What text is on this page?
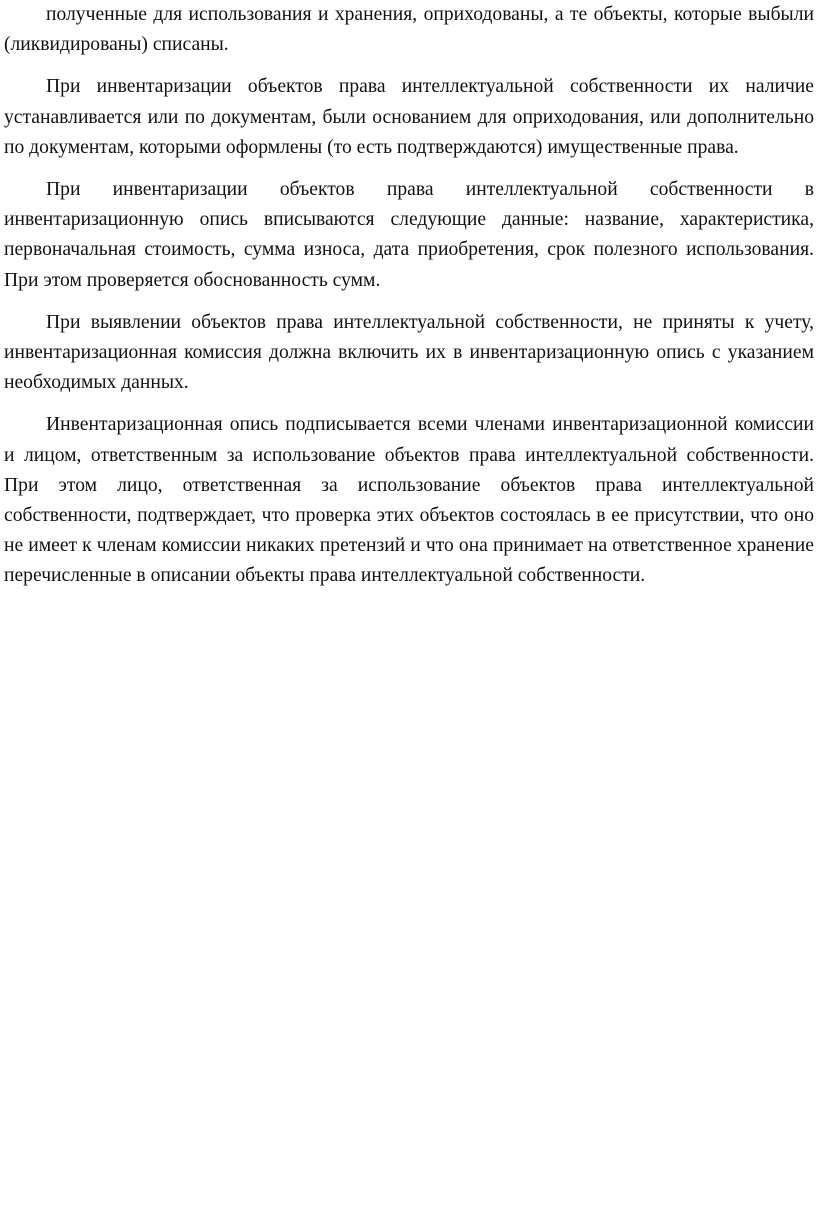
полученные для использования и хранения, оприходованы, а те объекты, которые выбыли (ликвидированы) списаны.

При инвентаризации объектов права интеллектуальной собственности их наличие устанавливается или по документам, были основанием для оприходования, или дополнительно по документам, которыми оформлены (то есть подтверждаются) имущественные права.

При инвентаризации объектов права интеллектуальной собственности в инвентаризационную опись вписываются следующие данные: название, характеристика, первоначальная стоимость, сумма износа, дата приобретения, срок полезного использования. При этом проверяется обоснованность сумм.

При выявлении объектов права интеллектуальной собственности, не приняты к учету, инвентаризационная комиссия должна включить их в инвентаризационную опись с указанием необходимых данных.

Инвентаризационная опись подписывается всеми членами инвентаризационной комиссии и лицом, ответственным за использование объектов права интеллектуальной собственности. При этом лицо, ответственная за использование объектов права интеллектуальной собственности, подтверждает, что проверка этих объектов состоялась в ее присутствии, что оно не имеет к членам комиссии никаких претензий и что она принимает на ответственное хранение перечисленные в описании объекты права интеллектуальной собственности.
